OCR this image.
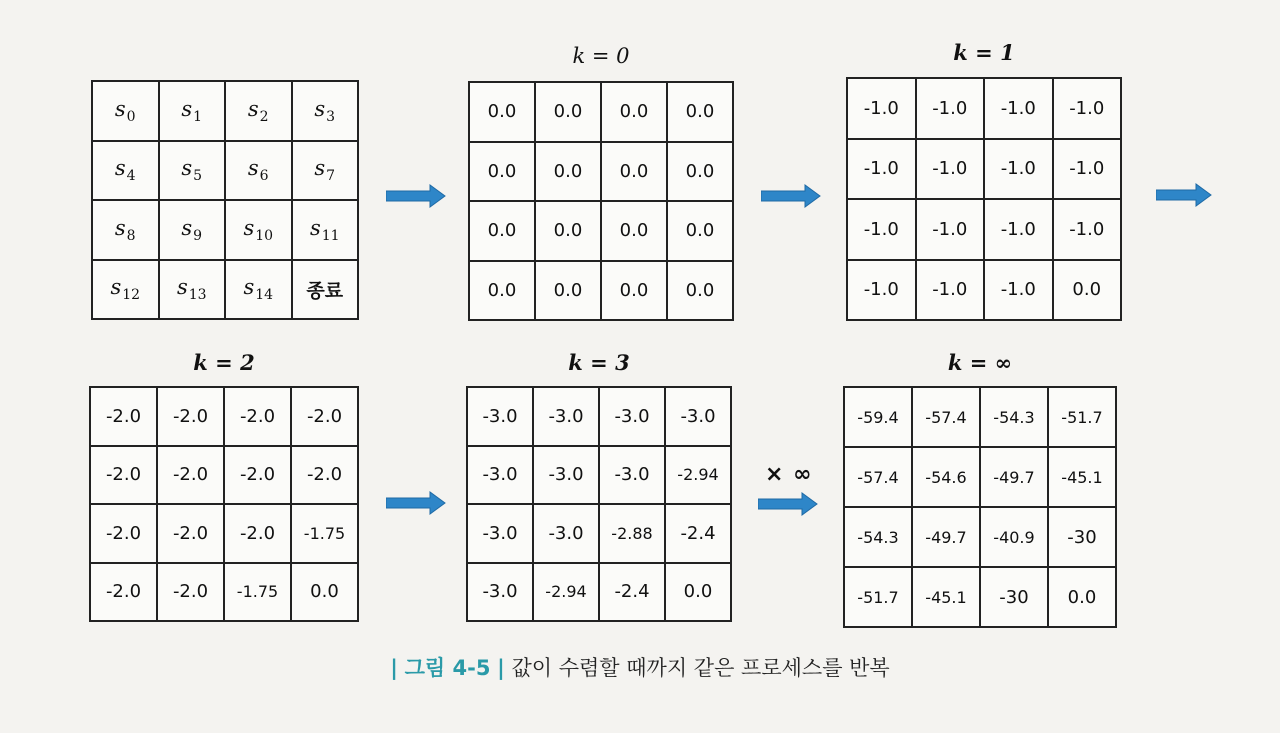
$s_0$ $s_1$ $s_2$ $s_3$
$s_4$ $s_5$ $s_6$ $s_7$
$s_8$ $s_9$ $s_{10}$ $s_{11}$
$s_{12}$ $s_{13}$ $s_{14}$ 종료
k = 0
0.0	0.0	0.0	0.0
0.0	0.0	0.0	0.0
0.0	0.0	0.0	0.0
0.0	0.0	0.0	0.0
k = 1
-1.0	-1.0	-1.0	-1.0
-1.0	-1.0	-1.0	-1.0
-1.0	-1.0	-1.0	-1.0
-1.0	-1.0	-1.0	0.0
k = 2
-2.0	-2.0	-2.0	-2.0
-2.0	-2.0	-2.0	-2.0
-2.0	-2.0	-2.0	-1.75
-2.0	-2.0	-1.75	0.0
k = 3
-3.0	-3.0	-3.0	-3.0
-3.0	-3.0	-3.0	-2.94
-3.0	-3.0	-2.88	-2.4
-3.0	-2.94	-2.4	0.0
k = ∞
-59.4	-57.4	-54.3	-51.7
-57.4	-54.6	-49.7	-45.1
-54.3	-49.7	-40.9	-30
-51.7	-45.1	-30	0.0
× ∞
| 그림 4-5 | 값이 수렴할 때까지 같은 프로세스를 반복
